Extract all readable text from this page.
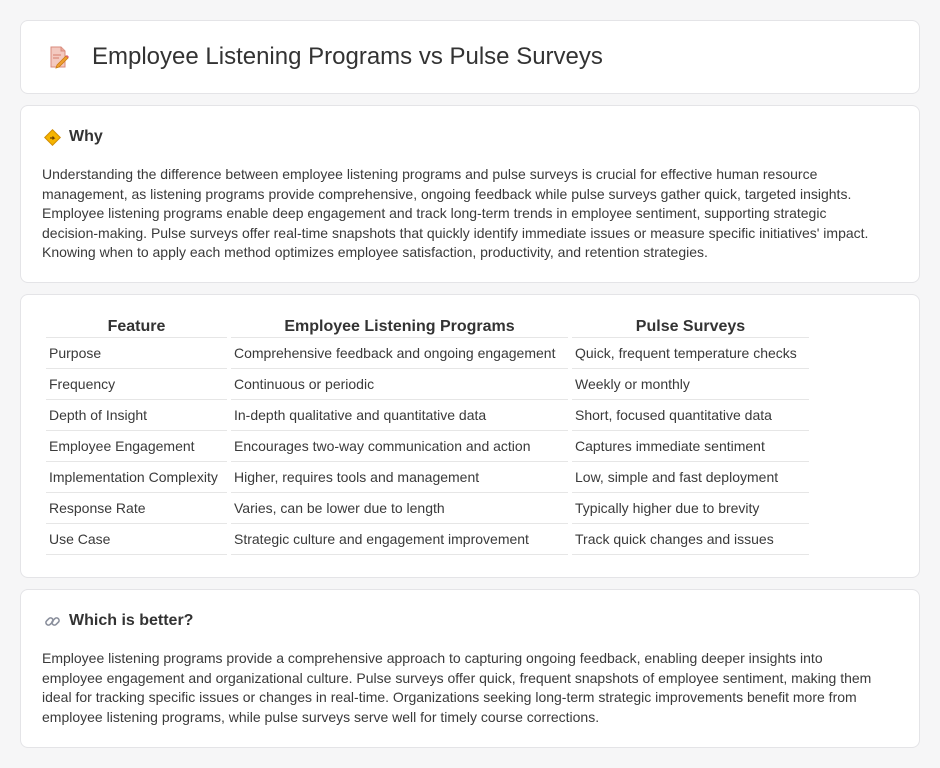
Employee Listening Programs vs Pulse Surveys
Why
Understanding the difference between employee listening programs and pulse surveys is crucial for effective human resource
management, as listening programs provide comprehensive, ongoing feedback while pulse surveys gather quick, targeted insights.
Employee listening programs enable deep engagement and track long-term trends in employee sentiment, supporting strategic
decision-making. Pulse surveys offer real-time snapshots that quickly identify immediate issues or measure specific initiatives' impact.
Knowing when to apply each method optimizes employee satisfaction, productivity, and retention strategies.
Feature	Employee Listening Programs	Pulse Surveys
Purpose	Comprehensive feedback and ongoing engagement	Quick, frequent temperature checks
Frequency	Continuous or periodic	Weekly or monthly
Depth of Insight	In-depth qualitative and quantitative data	Short, focused quantitative data
Employee Engagement	Encourages two-way communication and action	Captures immediate sentiment
Implementation Complexity	Higher, requires tools and management	Low, simple and fast deployment
Response Rate	Varies, can be lower due to length	Typically higher due to brevity
Use Case	Strategic culture and engagement improvement	Track quick changes and issues
Which is better?
Employee listening programs provide a comprehensive approach to capturing ongoing feedback, enabling deeper insights into
employee engagement and organizational culture. Pulse surveys offer quick, frequent snapshots of employee sentiment, making them
ideal for tracking specific issues or changes in real-time. Organizations seeking long-term strategic improvements benefit more from
employee listening programs, while pulse surveys serve well for timely course corrections.
